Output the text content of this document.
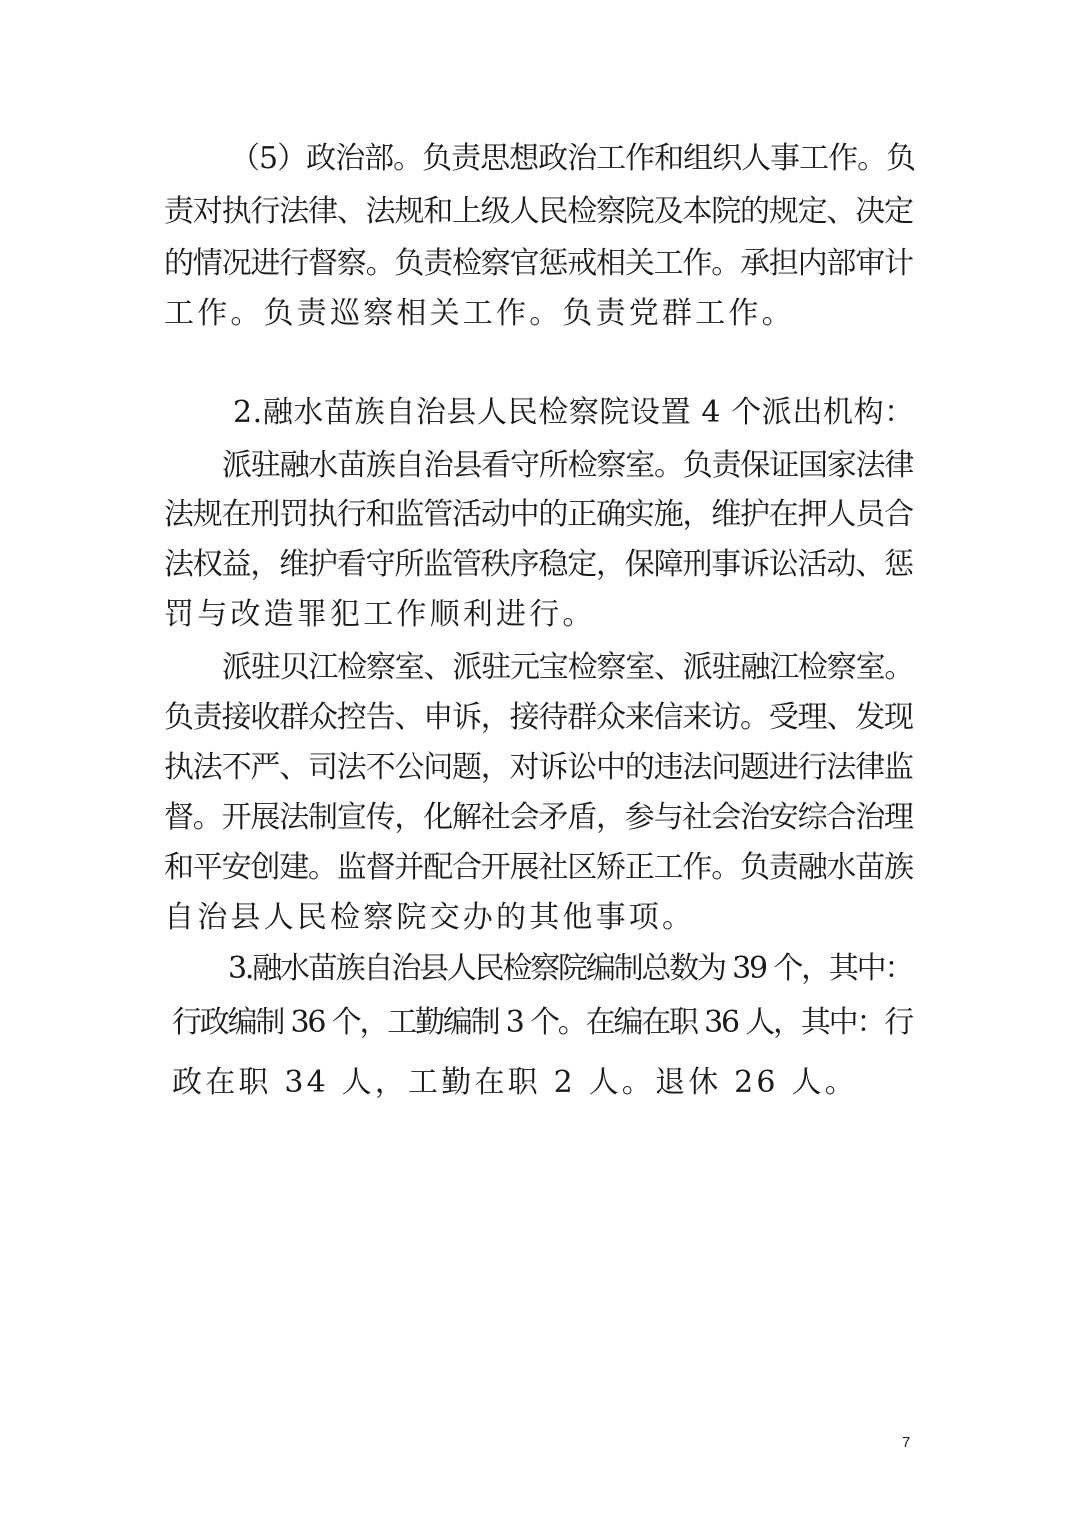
（5）政治部。负责思想政治工作和组织人事工作。负
责对执行法律、法规和上级人民检察院及本院的规定、决定
的情况进行督察。负责检察官惩戒相关工作。承担内部审计
工作。负责巡察相关工作。负责党群工作。
2.融水苗族自治县人民检察院设置 4 个派出机构：
派驻融水苗族自治县看守所检察室。负责保证国家法律
法规在刑罚执行和监管活动中的正确实施，维护在押人员合
法权益，维护看守所监管秩序稳定，保障刑事诉讼活动、惩
罚与改造罪犯工作顺利进行。
派驻贝江检察室、派驻元宝检察室、派驻融江检察室。
负责接收群众控告、申诉，接待群众来信来访。受理、发现
执法不严、司法不公问题，对诉讼中的违法问题进行法律监
督。开展法制宣传，化解社会矛盾，参与社会治安综合治理
和平安创建。监督并配合开展社区矫正工作。负责融水苗族
自治县人民检察院交办的其他事项。
3.融水苗族自治县人民检察院编制总数为 39 个，其中：
行政编制 36 个，工勤编制 3 个。在编在职 36 人，其中：行
政在职 34 人，工勤在职 2 人。退休 26 人。
7
